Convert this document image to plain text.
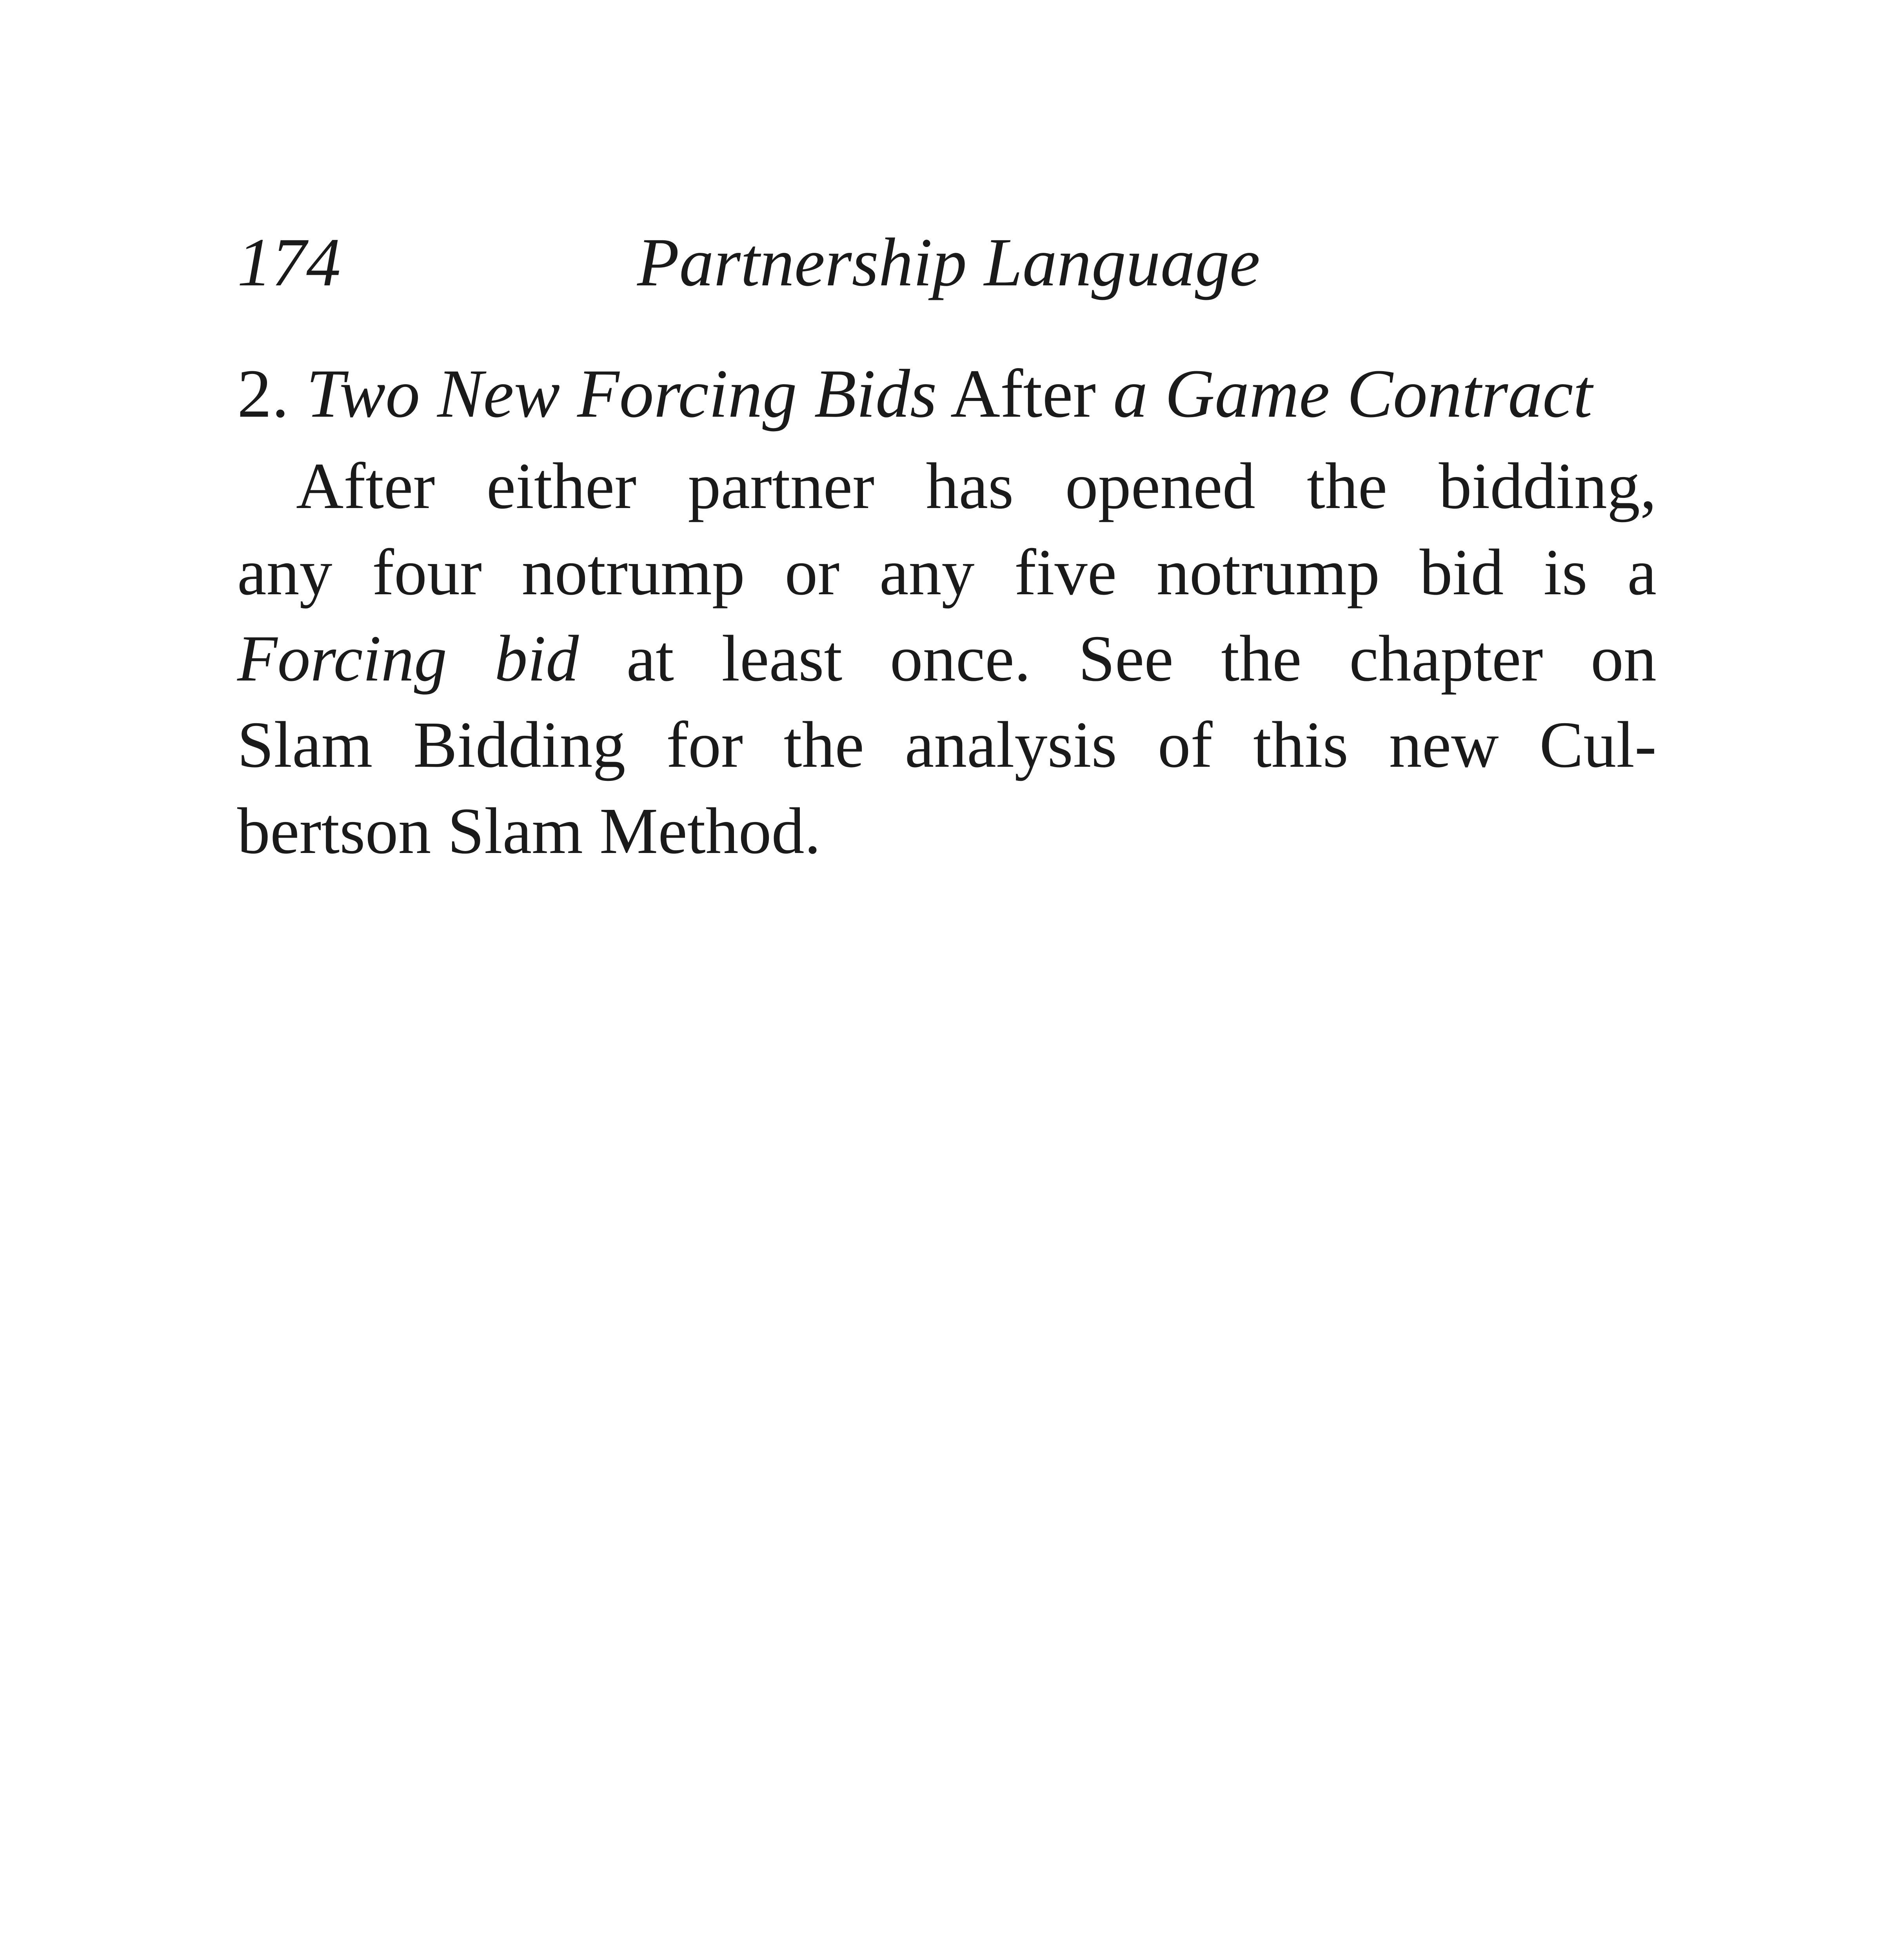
174	Partnership Language
2. Two New Forcing Bids After a Game Contract
After either partner has opened the bidding,
any four notrump or any five notrump bid is a
Forcing bid at least once. See the chapter on
Slam Bidding for the analysis of this new Cul-
bertson Slam Method.
